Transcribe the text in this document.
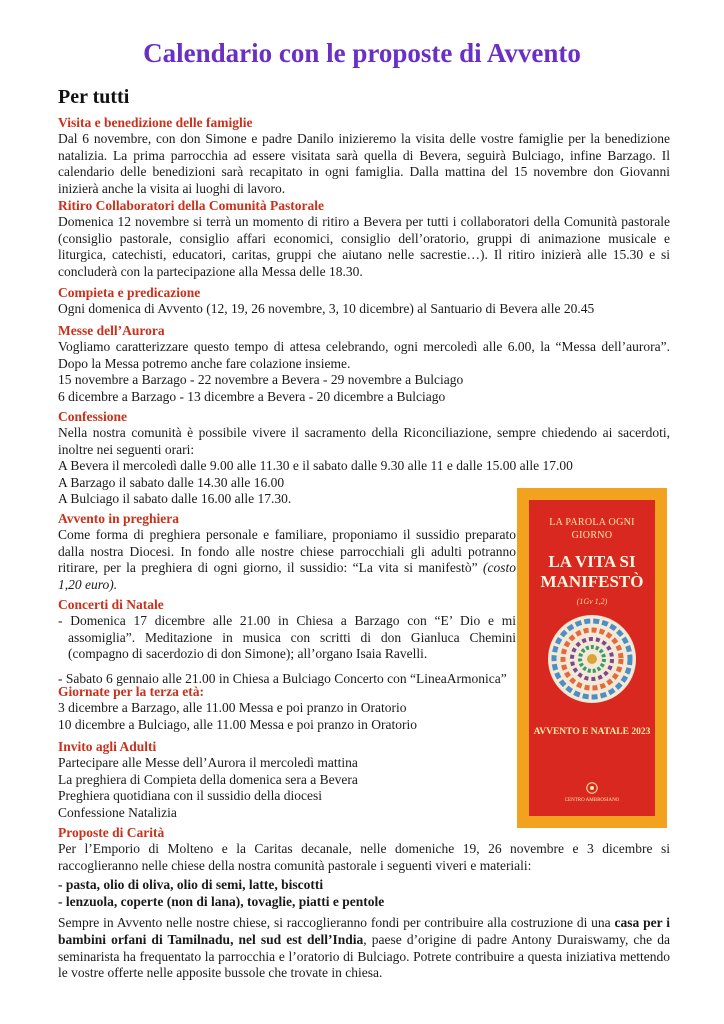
Calendario con le proposte di Avvento
Per tutti
Visita e benedizione delle famiglie
Dal 6 novembre, con don Simone e padre Danilo inizieremo la visita delle vostre famiglie per la benedizione natalizia. La prima parrocchia ad essere visitata sarà quella di Bevera, seguirà Bulciago, infine Barzago. Il calendario delle benedizioni sarà recapitato in ogni famiglia. Dalla mattina del 15 novembre don Giovanni inizierà anche la visita ai luoghi di lavoro.
Ritiro Collaboratori della Comunità Pastorale
Domenica 12 novembre si terrà un momento di ritiro a Bevera per tutti i collaboratori della Comunità pastorale (consiglio pastorale, consiglio affari economici, consiglio dell’oratorio, gruppi di animazione musicale e liturgica, catechisti, educatori, caritas, gruppi che aiutano nelle sacrestie…). Il ritiro inizierà alle 15.30 e si concluderà con la partecipazione alla Messa delle 18.30.
Compieta e predicazione
Ogni domenica di Avvento (12, 19, 26 novembre, 3, 10 dicembre) al Santuario di Bevera alle 20.45
Messe dell’Aurora
Vogliamo caratterizzare questo tempo di attesa celebrando, ogni mercoledì alle 6.00, la “Messa dell’aurora”. Dopo la Messa potremo anche fare colazione insieme.
15 novembre a Barzago - 22 novembre a Bevera - 29 novembre a Bulciago
6 dicembre a Barzago - 13 dicembre a Bevera - 20 dicembre a Bulciago
Confessione
Nella nostra comunità è possibile vivere il sacramento della Riconciliazione, sempre chiedendo ai sacerdoti, inoltre nei seguenti orari:
A Bevera il mercoledì dalle 9.00 alle 11.30 e il sabato dalle 9.30 alle 11 e dalle 15.00 alle 17.00
A Barzago il sabato dalle 14.30 alle 16.00
A Bulciago il sabato dalle 16.00 alle 17.30.
Avvento in preghiera
Come forma di preghiera personale e familiare, proponiamo il sussidio preparato dalla nostra Diocesi. In fondo alle nostre chiese parrocchiali gli adulti potranno ritirare, per la preghiera di ogni giorno, il sussidio: “La vita si manifestò” (costo 1,20 euro).
Concerti di Natale
- Domenica 17 dicembre alle 21.00 in Chiesa a Barzago con “E’ Dio e mi assomiglia”. Meditazione in musica con scritti di don Gianluca Chemini (compagno di sacerdozio di don Simone); all’organo Isaia Ravelli.
- Sabato 6 gennaio alle 21.00 in Chiesa a Bulciago Concerto con “LineaArmonica”
Giornate per la terza età:
3 dicembre a Barzago, alle 11.00 Messa e poi pranzo in Oratorio
10 dicembre a Bulciago, alle 11.00 Messa e poi pranzo in Oratorio
Invito agli Adulti
Partecipare alle Messe dell’Aurora il mercoledì mattina
La preghiera di Compieta della domenica sera a Bevera
Preghiera quotidiana con il sussidio della diocesi
Confessione Natalizia
Proposte di Carità
Per l’Emporio di Molteno e la Caritas decanale, nelle domeniche 19, 26 novembre e 3 dicembre si raccoglieranno nelle chiese della nostra comunità pastorale i seguenti viveri e materiali:
- pasta, olio di oliva, olio di semi, latte, biscotti
- lenzuola, coperte (non di lana), tovaglie, piatti e pentole
Sempre in Avvento nelle nostre chiese, si raccoglieranno fondi per contribuire alla costruzione di una casa per i bambini orfani di Tamilnadu, nel sud est dell’India, paese d’origine di padre Antony Duraiswamy, che da seminarista ha frequentato la parrocchia e l’oratorio di Bulciago. Potrete contribuire a questa iniziativa mettendo le vostre offerte nelle apposite bussole che trovate in chiesa.
LA PAROLA OGNI GIORNO
LA VITA SI MANIFESTÒ
(1Gv 1,2)
AVVENTO E NATALE 2023
CENTRO AMBROSIANO
